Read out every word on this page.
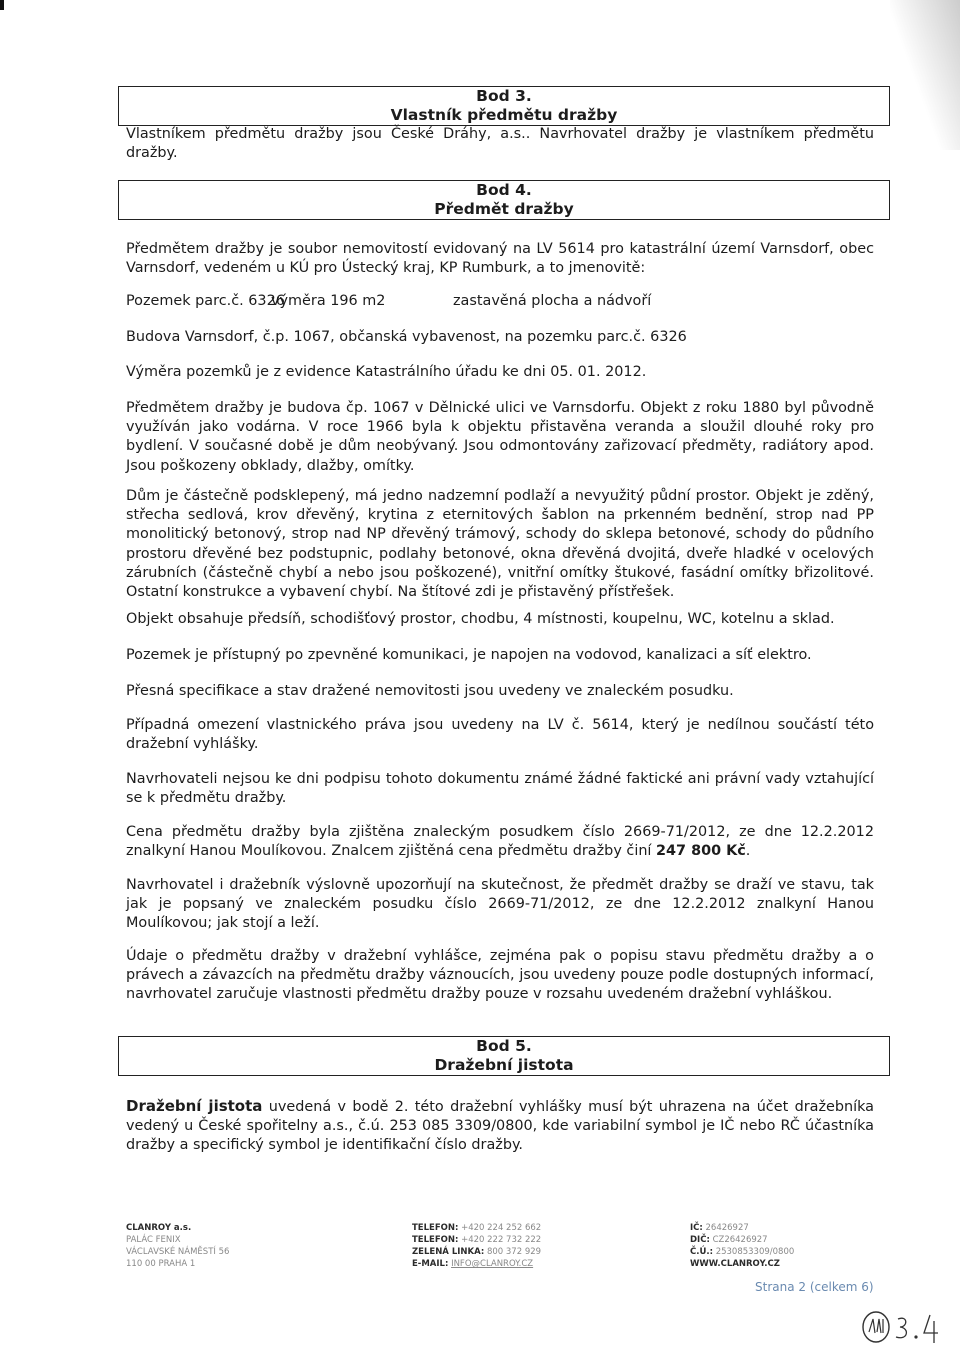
Bod 3.
Vlastník předmětu dražby

Vlastníkem předmětu dražby jsou České Dráhy, a.s.. Navrhovatel dražby je vlastníkem předmětu dražby.

Bod 4.
Předmět dražby

Předmětem dražby je soubor nemovitostí evidovaný na LV 5614 pro katastrální území Varnsdorf, obec Varnsdorf, vedeném u KÚ pro Ústecký kraj, KP Rumburk, a to jmenovitě:

Pozemek parc.č. 6326
výměra 196 m2	zastavěná plocha a nádvoří
Budova Varnsdorf, č.p. 1067, občanská vybavenost, na pozemku parc.č. 6326
Výměra pozemků je z evidence Katastrálního úřadu ke dni 05. 01. 2012.

Předmětem dražby je budova čp. 1067 v Dělnické ulici ve Varnsdorfu. Objekt z roku 1880 byl původně využíván jako vodárna. V roce 1966 byla k objektu přistavěna veranda a sloužil dlouhé roky pro bydlení. V současné době je dům neobývaný. Jsou odmontovány zařizovací předměty, radiátory apod. Jsou poškozeny obklady, dlažby, omítky.

Dům je částečně podsklepený, má jedno nadzemní podlaží a nevyužitý půdní prostor. Objekt je zděný, střecha sedlová, krov dřevěný, krytina z eternitových šablon na prkenném bednění, strop nad PP monolitický betonový, strop nad NP dřevěný trámový, schody do sklepa betonové, schody do půdního prostoru dřevěné bez podstupnic, podlahy betonové, okna dřevěná dvojitá, dveře hladké v ocelových zárubních (částečně chybí a nebo jsou poškozené), vnitřní omítky štukové, fasádní omítky břizolitové. Ostatní konstrukce a vybavení chybí. Na štítové zdi je přistavěný přístřešek.

Objekt obsahuje předsíň, schodišťový prostor, chodbu, 4 místnosti, koupelnu, WC, kotelnu a sklad.

Pozemek je přístupný po zpevněné komunikaci, je napojen na vodovod, kanalizaci a síť elektro.

Přesná specifikace a stav dražené nemovitosti jsou uvedeny ve znaleckém posudku.

Případná omezení vlastnického práva jsou uvedeny na LV č. 5614, který je nedílnou součástí této dražební vyhlášky.

Navrhovateli nejsou ke dni podpisu tohoto dokumentu známé žádné faktické ani právní vady vztahující se k předmětu dražby.

Cena předmětu dražby byla zjištěna znaleckým posudkem číslo 2669-71/2012, ze dne 12.2.2012 znalkyní Hanou Moulíkovou. Znalcem zjištěná cena předmětu dražby činí 247 800 Kč.

Navrhovatel i dražebník výslovně upozorňují na skutečnost, že předmět dražby se draží ve stavu, tak jak je popsaný ve znaleckém posudku číslo 2669-71/2012, ze dne 12.2.2012 znalkyní Hanou Moulíkovou; jak stojí a leží.

Údaje o předmětu dražby v dražební vyhlášce, zejména pak o popisu stavu předmětu dražby a o právech a závazcích na předmětu dražby váznoucích, jsou uvedeny pouze podle dostupných informací, navrhovatel zaručuje vlastnosti předmětu dražby pouze v rozsahu uvedeném dražební vyhláškou.

Bod 5.
Dražební jistota

Dražební jistota uvedená v bodě 2. této dražební vyhlášky musí být uhrazena na účet dražebníka vedený u České spořitelny a.s., č.ú. 253 085 3309/0800, kde variabilní symbol je IČ nebo RČ účastníka dražby a specifický symbol je identifikační číslo dražby.

CLANROY a.s.
PALÁC FENIX
VÁCLAVSKÉ NÁMĚSTÍ 56
110 00 PRAHA 1
TELEFON: +420 224 252 662
TELEFON: +420 222 732 222
ZELENÁ LINKA: 800 372 929
E-MAIL: INFO@CLANROY.CZ
IČ: 26426927
DIČ: CZ26426927
Č.Ú.: 2530853309/0800
WWW.CLANROY.CZ
Strana 2 (celkem 6)
